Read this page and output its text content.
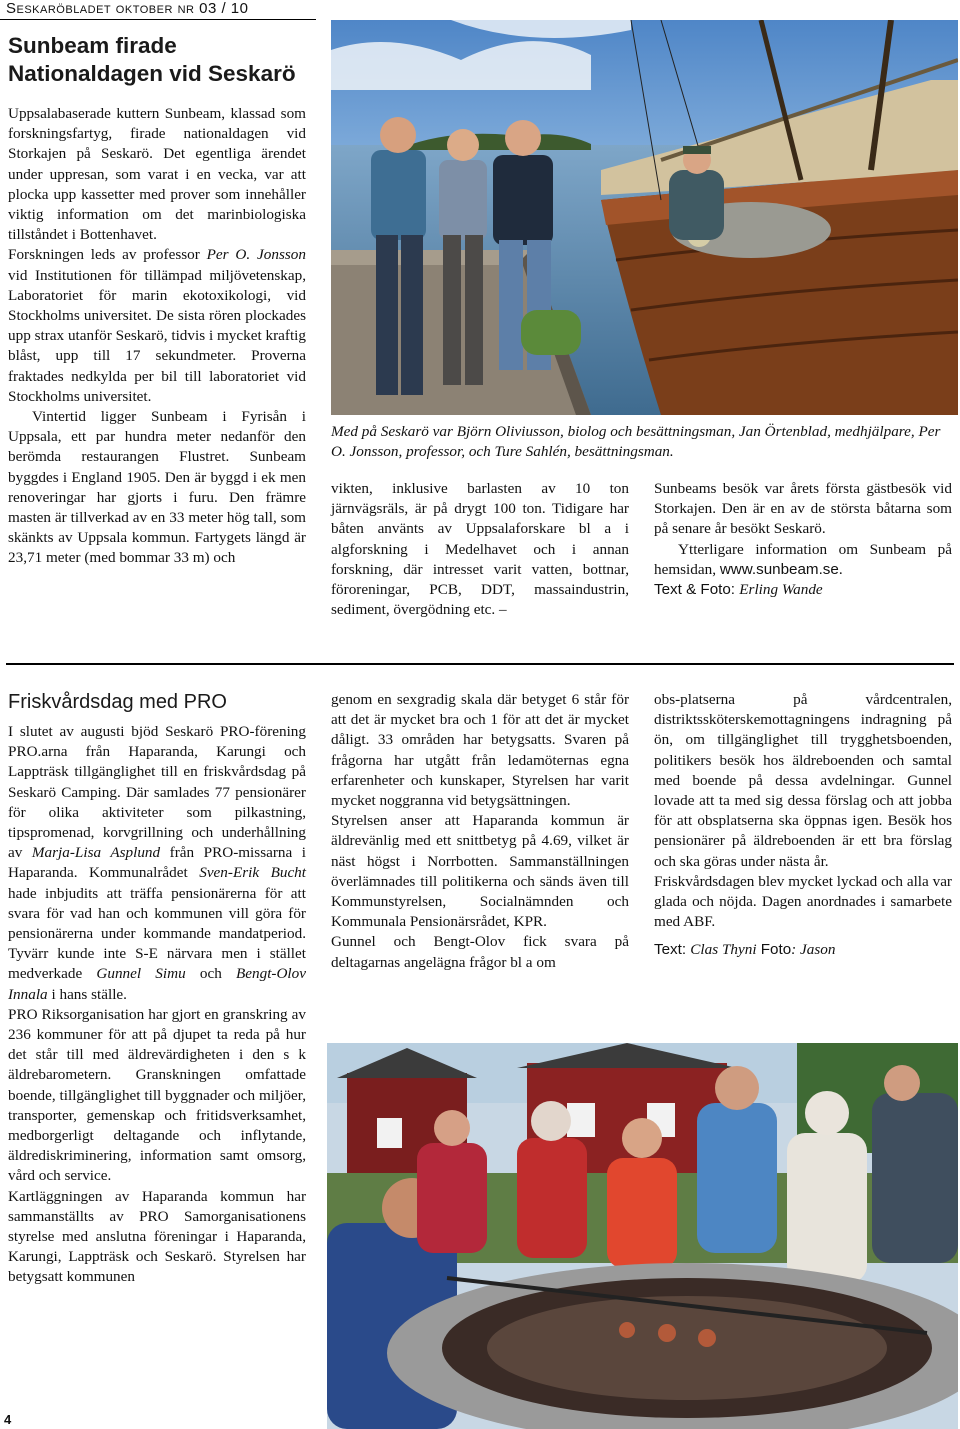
Seskaröbladet oktober nr 03 / 10
Sunbeam firade
Nationaldagen vid Seskarö

Uppsalabaserade kuttern Sunbeam, klassad som forskningsfartyg, firade nationaldagen vid Storkajen på Seskarö. Det egentliga ärendet under uppresan, som varat i en vecka, var att plocka upp kassetter med prover som innehåller viktig information om det marinbiologiska tillståndet i Bottenhavet.

Forskningen leds av professor Per O. Jonsson vid Institutionen för tillämpad miljövetenskap, Laboratoriet för marin ekotoxikologi, vid Stockholms universitet. De sista rören plockades upp strax utanför Seskarö, tidvis i mycket kraftig blåst, upp till 17 sekundmeter. Proverna fraktades nedkylda per bil till laboratoriet vid Stockholms universitet.

Vintertid ligger Sunbeam i Fyrisån i Uppsala, ett par hundra meter nedanför den berömda restaurangen Flustret. Sunbeam byggdes i England 1905. Den är byggd i ek men renoveringar har gjorts i furu. Den främre masten är tillverkad av en 33 meter hög tall, som skänkts av Uppsala kommun. Fartygets längd är 23,71 meter (med bommar 33 m) och

Med på Seskarö var Björn Oliviusson, biolog och besättningsman, Jan Örtenblad, medhjälpare, Per O. Jonsson, professor, och Ture Sahlén, besättningsman.

vikten, inklusive barlasten av 10 ton järnvägsräls, är på drygt 100 ton. Tidigare har båten använts av Uppsalaforskare bl a i algforskning i Medelhavet och i annan forskning, där intresset varit vatten, bottnar, föroreningar, PCB, DDT, massaindustrin, sediment, övergödning etc. –

Sunbeams besök var årets första gästbesök vid Storkajen. Den är en av de största båtarna som på senare år besökt Seskarö.

Ytterligare information om Sunbeam på hemsidan, www.sunbeam.se.

Text & Foto: Erling Wande

Friskvårdsdag med PRO

I slutet av augusti bjöd Seskarö PRO-förening PRO.arna från Haparanda, Karungi och Lappträsk tillgänglighet till en friskvårdsdag på Seskarö Camping. Där samlades 77 pensionärer för olika aktiviteter som pilkastning, tipspromenad, korvgrillning och underhållning av Marja-Lisa Asplund från PRO-missarna i Haparanda. Kommunalrådet Sven-Erik Bucht hade inbjudits att träffa pensionärerna för att svara för vad han och kommunen vill göra för pensionärerna under kommande mandatperiod. Tyvärr kunde inte S-E närvara men i stället medverkade Gunnel Simu och Bengt-Olov Innala i hans ställe.

PRO Riksorganisation har gjort en granskring av 236 kommuner för att på djupet ta reda på hur det står till med äldrevärdigheten i den s k äldrebarometern. Granskningen omfattade boende, tillgänglighet till byggnader och miljöer, transporter, gemenskap och fritidsverksamhet, medborgerligt deltagande och inflytande, äldrediskriminering, information samt omsorg, vård och service.

Kartläggningen av Haparanda kommun har sammanställts av PRO Samorganisationens styrelse med anslutna föreningar i Haparanda, Karungi, Lappträsk och Seskarö. Styrelsen har betygsatt kommunen

genom en sexgradig skala där betyget 6 står för att det är mycket bra och 1 för att det är mycket dåligt. 33 områden har betygsatts. Svaren på frågorna har utgått från ledamöternas egna erfarenheter och kunskaper, Styrelsen har varit mycket noggranna vid betygsättningen.

Styrelsen anser att Haparanda kommun är äldrevänlig med ett snittbetyg på 4.69, vilket är näst högst i Norrbotten. Sammanställningen överlämnades till politikerna och sänds även till Kommunstyrelsen, Socialnämnden och Kommunala Pensionärsrådet, KPR.

Gunnel och Bengt-Olov fick svara på deltagarnas angelägna frågor bl a om

obs-platserna på vårdcentralen, distriktssköterskemottagningens indragning på ön, om tillgänglighet till trygghetsboenden, politikers besök hos äldreboenden och samtal med boende på dessa avdelningar. Gunnel lovade att ta med sig dessa förslag och att jobba för att obsplatserna ska öppnas igen. Besök hos pensionärer på äldreboenden är ett bra förslag och ska göras under nästa år.

Friskvårdsdagen blev mycket lyckad och alla var glada och nöjda. Dagen anordnades i samarbete med ABF.

Text: Clas Thyni Foto: Jason

4
